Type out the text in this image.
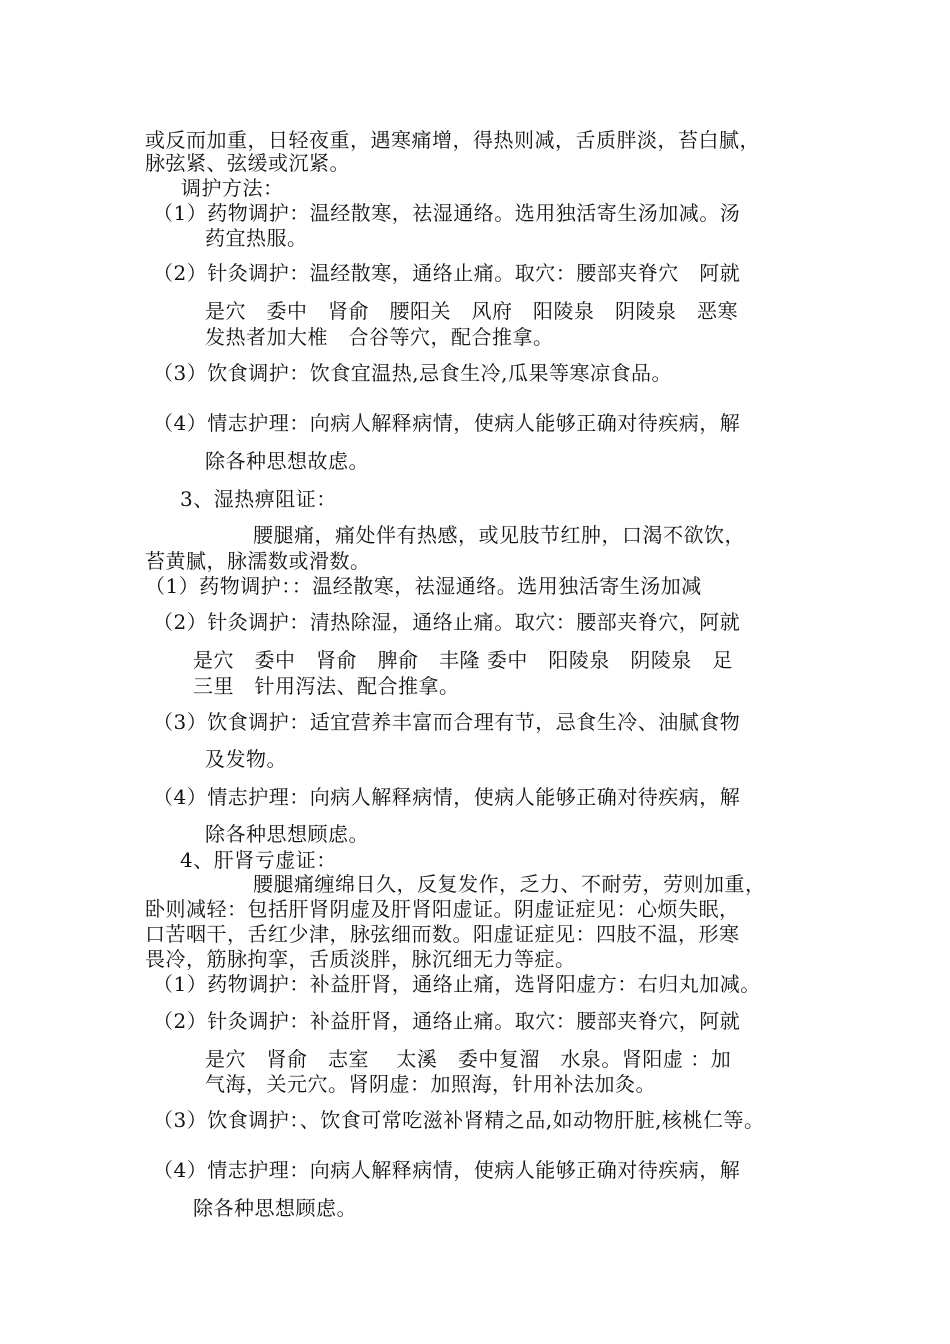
或反而加重，日轻夜重，遇寒痛增，得热则减，舌质胖淡，苔白腻，
脉弦紧、弦缓或沉紧。
调护方法：
（1）药物调护：温经散寒，祛湿通络。选用独活寄生汤加减。汤
药宜热服。
（2）针灸调护：温经散寒，通络止痛。取穴：腰部夹脊穴　阿就
是穴　委中　肾俞　腰阳关　风府　阳陵泉　阴陵泉　恶寒
发热者加大椎　合谷等穴，配合推拿。
（3）饮食调护：饮食宜温热,忌食生冷,瓜果等寒凉食品。
（4）情志护理：向病人解释病情，使病人能够正确对待疾病，解
除各种思想故虑。
3、湿热痹阻证：
腰腿痛，痛处伴有热感，或见肢节红肿，口渴不欲饮，
苔黄腻，脉濡数或滑数。
（1）药物调护：：温经散寒，祛湿通络。选用独活寄生汤加减
（2）针灸调护：清热除湿，通络止痛。取穴：腰部夹脊穴，阿就
是穴　委中　肾俞　脾俞　丰隆 委中　阳陵泉　阴陵泉　足
三里　针用泻法、配合推拿。
（3）饮食调护：适宜营养丰富而合理有节，忌食生冷、油腻食物
及发物。
（4）情志护理：向病人解释病情，使病人能够正确对待疾病，解
除各种思想顾虑。
4、肝肾亏虚证：
腰腿痛缠绵日久，反复发作，乏力、不耐劳，劳则加重，
卧则减轻：包括肝肾阴虚及肝肾阳虚证。阴虚证症见：心烦失眠，
口苦咽干，舌红少津，脉弦细而数。阳虚证症见：四肢不温，形寒
畏冷，筋脉拘挛，舌质淡胖，脉沉细无力等症。
（1）药物调护：补益肝肾，通络止痛，选肾阳虚方：右归丸加减。
（2）针灸调护：补益肝肾，通络止痛。取穴：腰部夹脊穴，阿就
是穴　肾俞　志室　 太溪　委中复溜　水泉。肾阳虚 ：加
气海，关元穴。肾阴虚：加照海，针用补法加灸。
（3）饮食调护：、饮食可常吃滋补肾精之品,如动物肝脏,核桃仁等。
（4）情志护理：向病人解释病情，使病人能够正确对待疾病，解
除各种思想顾虑。
